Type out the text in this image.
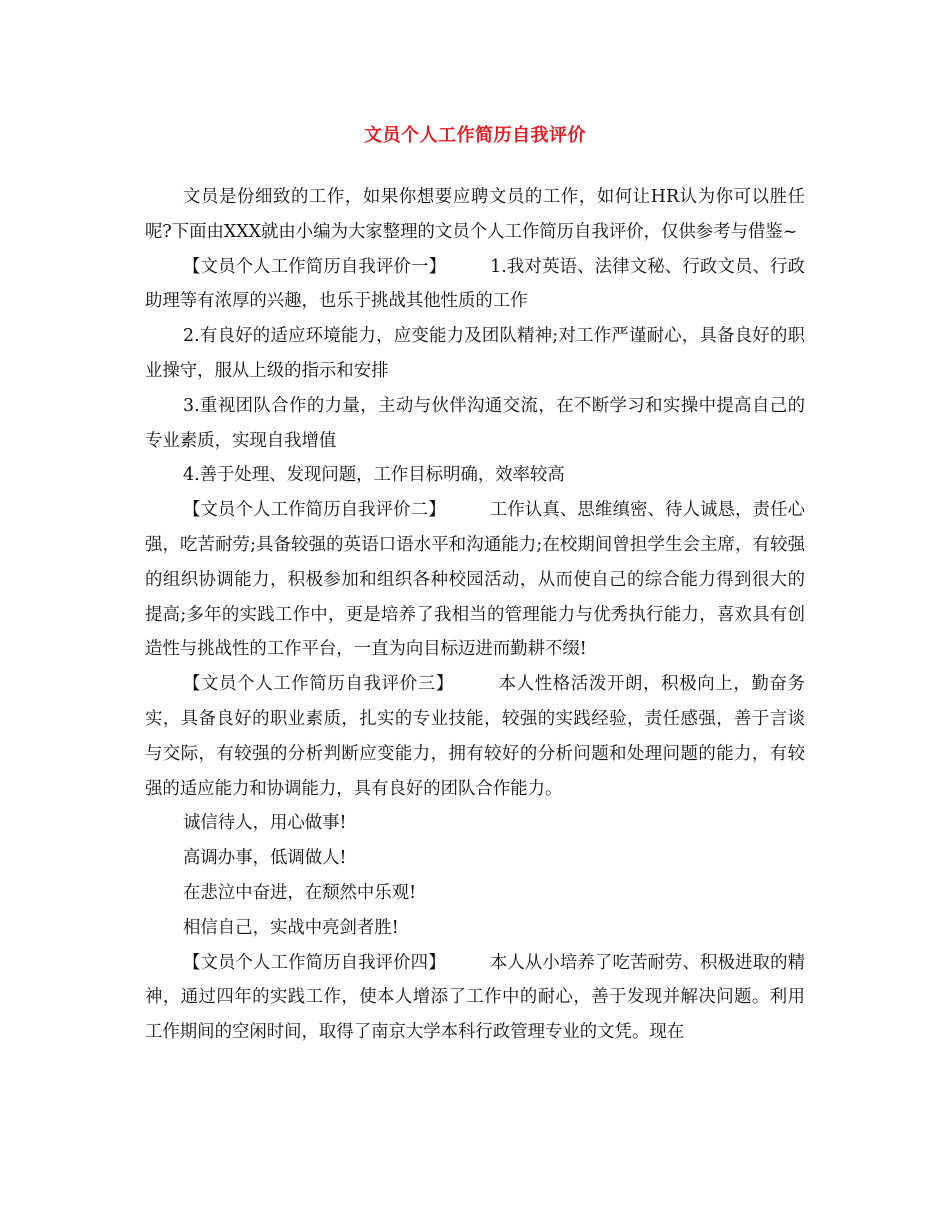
文员个人工作简历自我评价

文员是份细致的工作，如果你想要应聘文员的工作，如何让HR认为你可以胜任呢?下面由XXX就由小编为大家整理的文员个人工作简历自我评价，仅供参考与借鉴~

【文员个人工作简历自我评价一】	1.我对英语、法律文秘、行政文员、行政助理等有浓厚的兴趣，也乐于挑战其他性质的工作

2.有良好的适应环境能力，应变能力及团队精神;对工作严谨耐心，具备良好的职业操守，服从上级的指示和安排

3.重视团队合作的力量，主动与伙伴沟通交流，在不断学习和实操中提高自己的专业素质，实现自我增值

4.善于处理、发现问题，工作目标明确，效率较高

【文员个人工作简历自我评价二】	工作认真、思维缜密、待人诚恳，责任心强，吃苦耐劳;具备较强的英语口语水平和沟通能力;在校期间曾担学生会主席，有较强的组织协调能力，积极参加和组织各种校园活动，从而使自己的综合能力得到很大的提高;多年的实践工作中，更是培养了我相当的管理能力与优秀执行能力，喜欢具有创造性与挑战性的工作平台，一直为向目标迈进而勤耕不缀!

【文员个人工作简历自我评价三】	本人性格活泼开朗，积极向上，勤奋务实，具备良好的职业素质，扎实的专业技能，较强的实践经验，责任感强，善于言谈与交际，有较强的分析判断应变能力，拥有较好的分析问题和处理问题的能力，有较强的适应能力和协调能力，具有良好的团队合作能力。

诚信待人，用心做事!

高调办事，低调做人!

在悲泣中奋进，在颓然中乐观!

相信自己，实战中亮剑者胜!

【文员个人工作简历自我评价四】	本人从小培养了吃苦耐劳、积极进取的精神，通过四年的实践工作，使本人增添了工作中的耐心，善于发现并解决问题。利用工作期间的空闲时间，取得了南京大学本科行政管理专业的文凭。现在
